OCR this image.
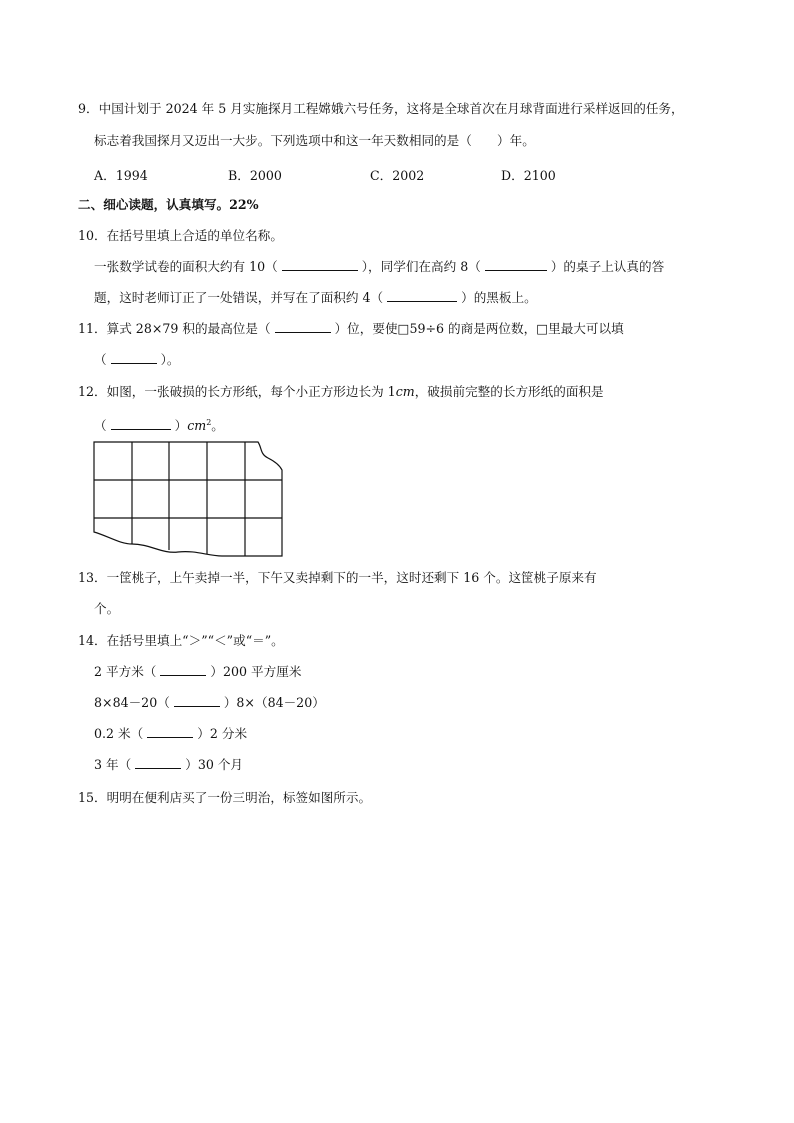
9．中国计划于 2024 年 5 月实施探月工程嫦娥六号任务，这将是全球首次在月球背面进行采样返回的任务，
标志着我国探月又迈出一大步。下列选项中和这一年天数相同的是（　　）年。
A．1994	B．2000	C．2002	D．2100
二、细心读题，认真填写。22%
10．在括号里填上合适的单位名称。
一张数学试卷的面积大约有 10（	），同学们在高约 8（	）的桌子上认真的答
题，这时老师订正了一处错误，并写在了面积约 4（	）的黑板上。
11．算式 28×79 积的最高位是（	）位，要使□59÷6 的商是两位数，□里最大可以填
（	）。
12．如图，一张破损的长方形纸，每个小正方形边长为 1cm，破损前完整的长方形纸的面积是
（	）$cm^2$。
13．一筐桃子，上午卖掉一半，下午又卖掉剩下的一半，这时还剩下 16 个。这筐桃子原来有
个。
14．在括号里填上“＞”“＜”或“＝”。
2 平方米（	）200 平方厘米
8×84－20（	）8×（84－20）
0.2 米（	）2 分米
3 年（	）30 个月
15．明明在便利店买了一份三明治，标签如图所示。
